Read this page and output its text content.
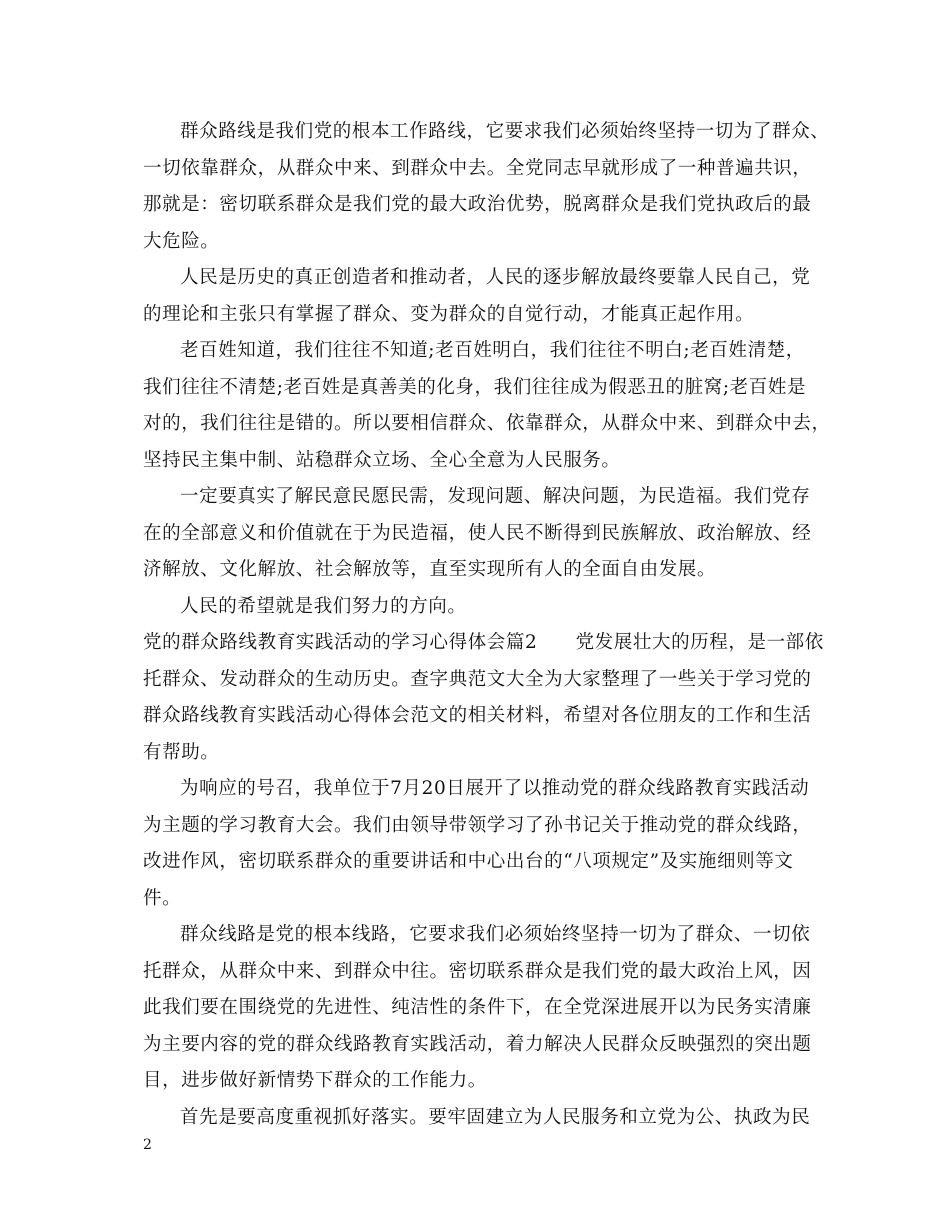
群众路线是我们党的根本工作路线，它要求我们必须始终坚持一切为了群众、
一切依靠群众，从群众中来、到群众中去。全党同志早就形成了一种普遍共识，
那就是：密切联系群众是我们党的最大政治优势，脱离群众是我们党执政后的最
大危险。
人民是历史的真正创造者和推动者，人民的逐步解放最终要靠人民自己，党
的理论和主张只有掌握了群众、变为群众的自觉行动，才能真正起作用。
老百姓知道，我们往往不知道;老百姓明白，我们往往不明白;老百姓清楚，
我们往往不清楚;老百姓是真善美的化身，我们往往成为假恶丑的脏窝;老百姓是
对的，我们往往是错的。所以要相信群众、依靠群众，从群众中来、到群众中去，
坚持民主集中制、站稳群众立场、全心全意为人民服务。
一定要真实了解民意民愿民需，发现问题、解决问题，为民造福。我们党存
在的全部意义和价值就在于为民造福，使人民不断得到民族解放、政治解放、经
济解放、文化解放、社会解放等，直至实现所有人的全面自由发展。
人民的希望就是我们努力的方向。
党的群众路线教育实践活动的学习心得体会篇2　　党发展壮大的历程，是一部依
托群众、发动群众的生动历史。查字典范文大全为大家整理了一些关于学习党的
群众路线教育实践活动心得体会范文的相关材料，希望对各位朋友的工作和生活
有帮助。
为响应的号召，我单位于7月20日展开了以推动党的群众线路教育实践活动
为主题的学习教育大会。我们由领导带领学习了孙书记关于推动党的群众线路，
改进作风，密切联系群众的重要讲话和中心出台的“八项规定”及实施细则等文
件。
群众线路是党的根本线路，它要求我们必须始终坚持一切为了群众、一切依
托群众，从群众中来、到群众中往。密切联系群众是我们党的最大政治上风，因
此我们要在围绕党的先进性、纯洁性的条件下，在全党深进展开以为民务实清廉
为主要内容的党的群众线路教育实践活动，着力解决人民群众反映强烈的突出题
目，进步做好新情势下群众的工作能力。
首先是要高度重视抓好落实。要牢固建立为人民服务和立党为公、执政为民
2
